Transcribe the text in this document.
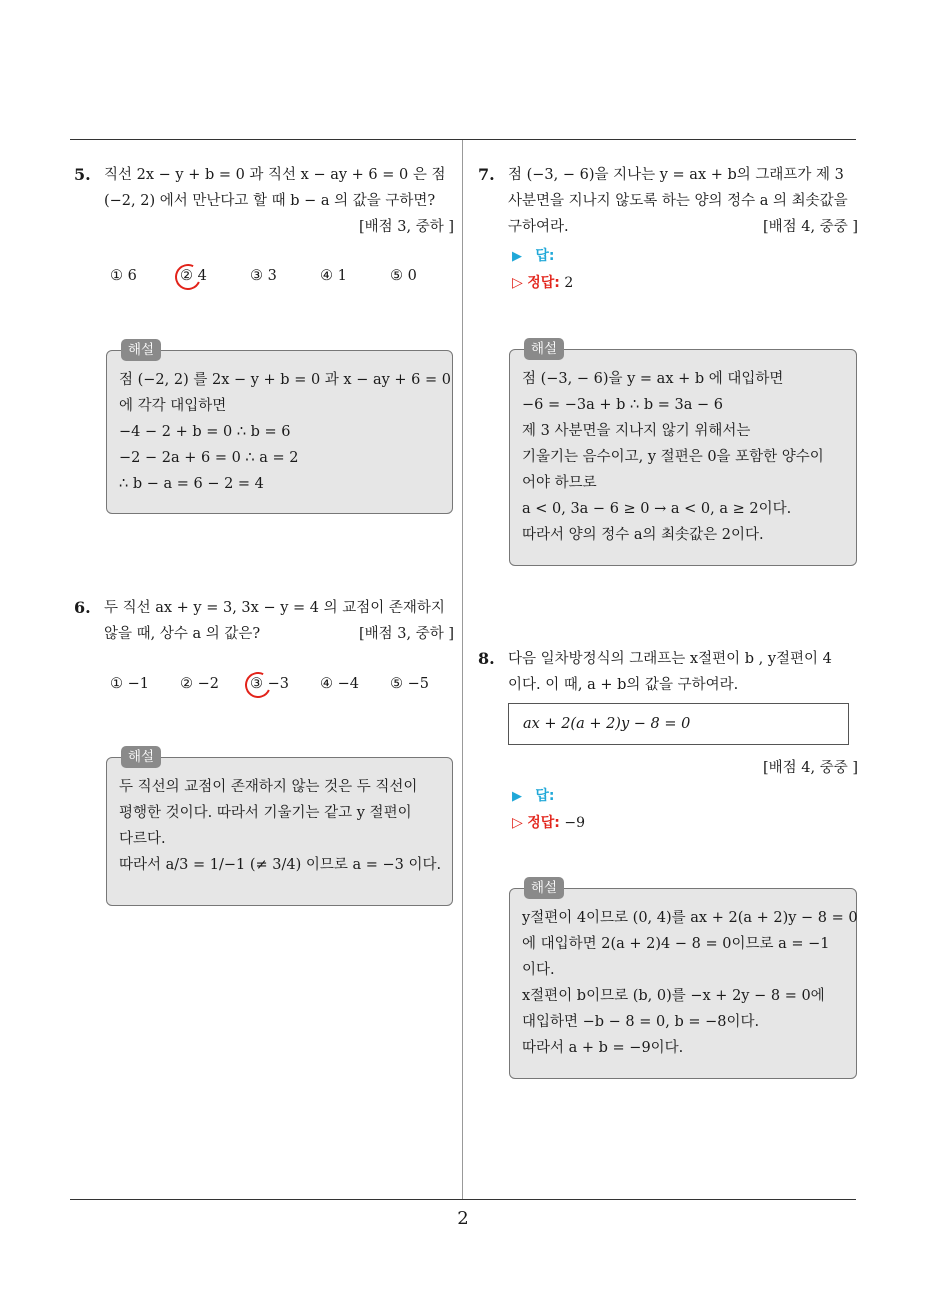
5. 직선 2x − y + b = 0 과 직선 x − ay + 6 = 0 은 점
(−2, 2) 에서 만난다고 할 때 b − a 의 값을 구하면?
[배점 3, 중하 ]
① 6	② 4	③ 3	④ 1	⑤ 0
해설
점 (−2, 2) 를 2x − y + b = 0 과 x − ay + 6 = 0
에 각각 대입하면
−4 − 2 + b = 0 ∴ b = 6
−2 − 2a + 6 = 0 ∴ a = 2
∴ b − a = 6 − 2 = 4
6. 두 직선 ax + y = 3, 3x − y = 4 의 교점이 존재하지
않을 때, 상수 a 의 값은?	[배점 3, 중하 ]
① −1 ② −2 ③ −3 ④ −4 ⑤ −5
해설
두 직선의 교점이 존재하지 않는 것은 두 직선이
평행한 것이다. 따라서 기울기는 같고 y 절편이
다르다.
따라서 a/3 = 1/−1 (≠ 3/4) 이므로 a = −3 이다.
7. 점 (−3, − 6)을 지나는 y = ax + b의 그래프가 제 3
사분면을 지나지 않도록 하는 양의 정수 a 의 최솟값을
구하여라.	[배점 4, 중중 ]
▶ 답:
▷ 정답: 2
해설
점 (−3, − 6)을 y = ax + b 에 대입하면
−6 = −3a + b ∴ b = 3a − 6
제 3 사분면을 지나지 않기 위해서는
기울기는 음수이고, y 절편은 0을 포함한 양수이
어야 하므로
a < 0, 3a − 6 ≥ 0 → a < 0, a ≥ 2이다.
따라서 양의 정수 a의 최솟값은 2이다.
8. 다음 일차방정식의 그래프는 x절편이 b , y절편이 4
이다. 이 때, a + b의 값을 구하여라.
ax + 2(a + 2)y − 8 = 0
[배점 4, 중중 ]
▶ 답:
▷ 정답: −9
해설
y절편이 4이므로 (0, 4)를 ax + 2(a + 2)y − 8 = 0
에 대입하면 2(a + 2)4 − 8 = 0이므로 a = −1
이다.
x절편이 b이므로 (b, 0)를 −x + 2y − 8 = 0에
대입하면 −b − 8 = 0, b = −8이다.
따라서 a + b = −9이다.
2
